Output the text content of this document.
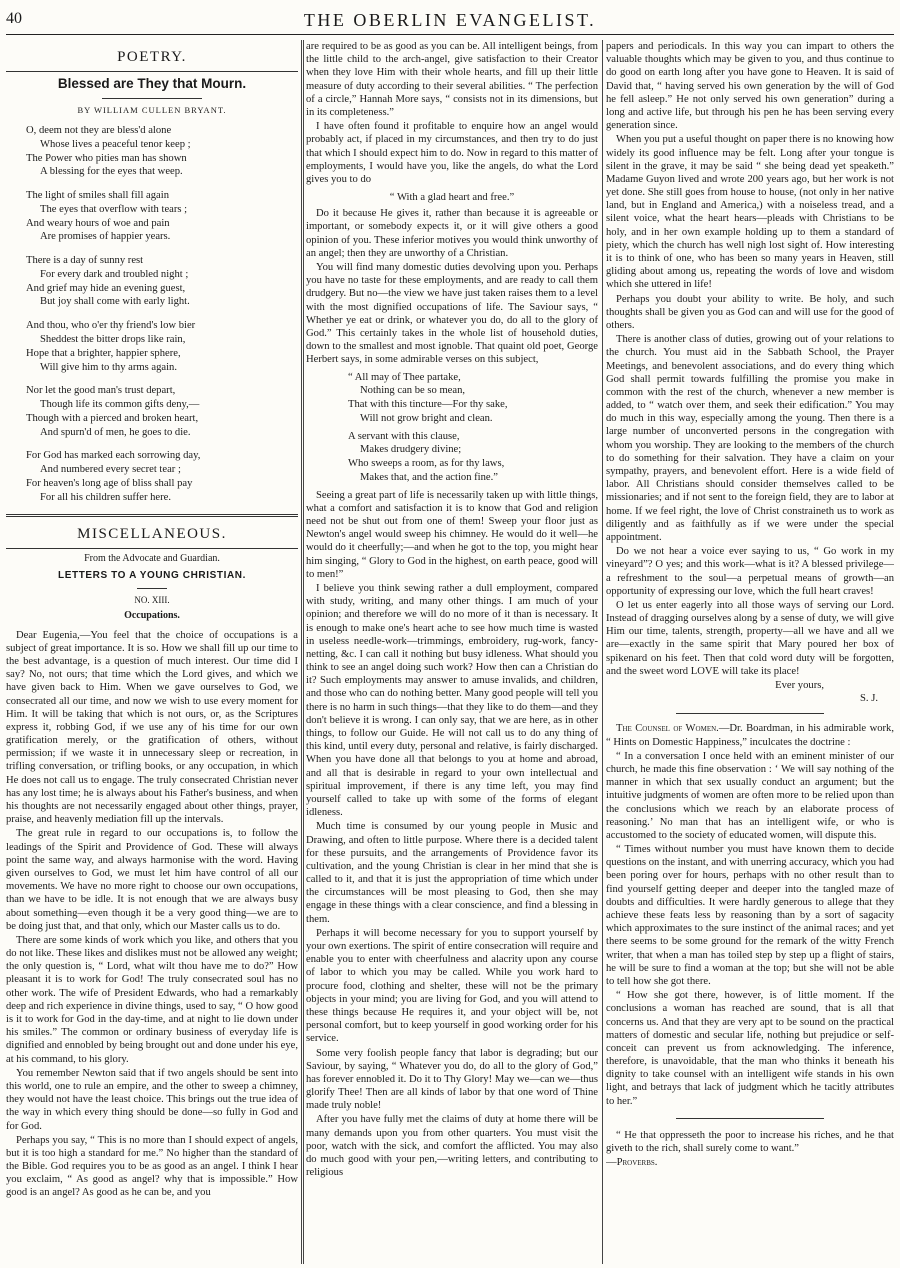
40	THE OBERLIN EVANGELIST.
POETRY.
Blessed are They that Mourn.
BY WILLIAM CULLEN BRYANT.
O, deem not they are bless'd alone
Whose lives a peaceful tenor keep ;
The Power who pities man has shown
A blessing for the eyes that weep.
The light of smiles shall fill again
The eyes that overflow with tears ;
And weary hours of woe and pain
Are promises of happier years.
There is a day of sunny rest
For every dark and troubled night ;
And grief may hide an evening guest,
But joy shall come with early light.
And thou, who o'er thy friend's low bier
Sheddest the bitter drops like rain,
Hope that a brighter, happier sphere,
Will give him to thy arms again.
Nor let the good man's trust depart,
Though life its common gifts deny,—
Though with a pierced and broken heart,
And spurn'd of men, he goes to die.
For God has marked each sorrowing day,
And numbered every secret tear ;
For heaven's long age of bliss shall pay
For all his children suffer here.
MISCELLANEOUS.
From the Advocate and Guardian.
LETTERS TO A YOUNG CHRISTIAN.
NO. XIII.
Occupations.

Dear Eugenia,—You feel that the choice of occupations is a subject of great importance. It is so. How we shall fill up our time to the best advantage, is a question of much interest. Our time did I say? No, not ours; that time which the Lord gives, and which we have given back to Him. When we gave ourselves to God, we consecrated all our time, and now we wish to use every moment for Him. It will be taking that which is not ours, or, as the Scriptures express it, robbing God, if we use any of his time for our own gratification merely, or the gratification of others, without permission; if we waste it in unnecessary sleep or recreation, in trifling conversation, or trifling books, or any occupation, in which He does not call us to engage. The truly consecrated Christian never has any lost time; he is always about his Father's business, and when his thoughts are not necessarily engaged about other things, prayer, praise, and heavenly mediation fill up the intervals.

The great rule in regard to our occupations is, to follow the leadings of the Spirit and Providence of God. These will always point the same way, and always harmonise with the word. Having given ourselves to God, we must let him have control of all our movements. We have no more right to choose our own occupations, than we have to be idle. It is not enough that we are always busy about something—even though it be a very good thing—we are to be doing just that, and that only, which our Master calls us to do.

There are some kinds of work which you like, and others that you do not like. These likes and dislikes must not be allowed any weight; the only question is, “ Lord, what wilt thou have me to do?” How pleasant it is to work for God! The truly consecrated soul has no other work. The wife of President Edwards, who had a remarkably deep and rich experience in divine things, used to say, “ O how good is it to work for God in the day-time, and at night to lie down under his smiles.” The common or ordinary business of everyday life is dignified and ennobled by being brought out and done under his eye, at his command, to his glory.

You remember Newton said that if two angels should be sent into this world, one to rule an empire, and the other to sweep a chimney, they would not have the least choice. This brings out the true idea of the way in which every thing should be done—so fully in God and for God.

Perhaps you say, “ This is no more than I should expect of angels, but it is too high a standard for me.” No higher than the standard of the Bible. God requires you to be as good as an angel. I think I hear you exclaim, “ As good as angel? why that is impossible.” How good is an angel? As good as he can be, and you

are required to be as good as you can be. All intelligent beings, from the little child to the arch-angel, give satisfaction to their Creator when they love Him with their whole hearts, and fill up their little measure of duty according to their several abilities. “ The perfection of a circle,” Hannah More says, “ consists not in its dimensions, but in its completeness.”

I have often found it profitable to enquire how an angel would probably act, if placed in my circumstances, and then try to do just that which I should expect him to do. Now in regard to this matter of employments, I would have you, like the angels, do what the Lord gives you to do

“ With a glad heart and free.”

Do it because He gives it, rather than because it is agreeable or important, or somebody expects it, or it will give others a good opinion of you. These inferior motives you would think unworthy of an angel; then they are unworthy of a Christian.

You will find many domestic duties devolving upon you. Perhaps you have no taste for these employments, and are ready to call them drudgery. But no—the view we have just taken raises them to a level with the most dignified occupations of life. The Saviour says, “ Whether ye eat or drink, or whatever you do, do all to the glory of God.” This certainly takes in the whole list of household duties, down to the smallest and most ignoble. That quaint old poet, George Herbert says, in some admirable verses on this subject,

“ All may of Thee partake,
Nothing can be so mean,
That with this tincture—For thy sake,
Will not grow bright and clean.
A servant with this clause,
Makes drudgery divine;
Who sweeps a room, as for thy laws,
Makes that, and the action fine.”

Seeing a great part of life is necessarily taken up with little things, what a comfort and satisfaction it is to know that God and religion need not be shut out from one of them! Sweep your floor just as Newton's angel would sweep his chimney. He would do it well—he would do it cheerfully;—and when he got to the top, you might hear him singing, “ Glory to God in the highest, on earth peace, good will to men!”

I believe you think sewing rather a dull employment, compared with study, writing, and many other things. I am much of your opinion; and therefore we will do no more of it than is necessary. It is enough to make one's heart ache to see how much time is wasted in useless needle-work—trimmings, embroidery, rug-work, fancy-netting, &c. I can call it nothing but busy idleness. What should you think to see an angel doing such work? How then can a Christian do it? Such employments may answer to amuse invalids, and children, and those who can do nothing better. Many good people will tell you there is no harm in such things—that they like to do them—and they don't believe it is wrong. I can only say, that we are here, as in other things, to follow our Guide. He will not call us to do any thing of this kind, until every duty, personal and relative, is fairly discharged. When you have done all that belongs to you at home and abroad, and all that is desirable in regard to your own intellectual and spiritual improvement, if there is any time left, you may find yourself called to take up with some of the forms of elegant idleness.

Much time is consumed by our young people in Music and Drawing, and often to little purpose. Where there is a decided talent for these pursuits, and the arrangements of Providence favor its cultivation, and the young Christian is clear in her mind that she is called to it, and that it is just the appropriation of time which under the circumstances will be most pleasing to God, then she may engage in these things with a clear conscience, and find a blessing in them.

Perhaps it will become necessary for you to support yourself by your own exertions. The spirit of entire consecration will require and enable you to enter with cheerfulness and alacrity upon any course of labor to which you may be called. While you work hard to procure food, clothing and shelter, these will not be the primary objects in your mind; you are living for God, and you will attend to these things because He requires it, and your object will be, not personal comfort, but to keep yourself in good working order for his service.

Some very foolish people fancy that labor is degrading; but our Saviour, by saying, “ Whatever you do, do all to the glory of God,” has forever ennobled it. Do it to Thy Glory! May we—can we—thus glorify Thee! Then are all kinds of labor by that one word of Thine made truly noble!

After you have fully met the claims of duty at home there will be many demands upon you from other quarters. You must visit the poor, watch with the sick, and comfort the afflicted. You may also do much good with your pen,—writing letters, and contributing to religious

papers and periodicals. In this way you can impart to others the valuable thoughts which may be given to you, and thus continue to do good on earth long after you have gone to Heaven. It is said of David that, “ having served his own generation by the will of God he fell asleep.” He not only served his own generation” during a long and active life, but through his pen he has been serving every generation since.

When you put a useful thought on paper there is no knowing how widely its good influence may be felt. Long after your tongue is silent in the grave, it may be said “ she being dead yet speaketh.” Madame Guyon lived and wrote 200 years ago, but her work is not yet done. She still goes from house to house, (not only in her native land, but in England and America,) with a noiseless tread, and a silent voice, what the heart hears—pleads with Christians to be holy, and in her own example holding up to them a standard of piety, which the church has well nigh lost sight of. How interesting it is to think of one, who has been so many years in Heaven, still gliding about among us, repeating the words of love and wisdom which she uttered in life!

Perhaps you doubt your ability to write. Be holy, and such thoughts shall be given you as God can and will use for the good of others.

There is another class of duties, growing out of your relations to the church. You must aid in the Sabbath School, the Prayer Meetings, and benevolent associations, and do every thing which God shall permit towards fulfilling the promise you make in common with the rest of the church, whenever a new member is added, to “ watch over them, and seek their edification.” You may do much in this way, especially among the young. Then there is a large number of unconverted persons in the congregation with whom you worship. They are looking to the members of the church to do something for their salvation. They have a claim on your sympathy, prayers, and benevolent effort. Here is a wide field of labor. All Christians should consider themselves called to be missionaries; and if not sent to the foreign field, they are to labor at home. If we feel right, the love of Christ constraineth us to work as diligently and as faithfully as if we were under the special appointment.

Do we not hear a voice ever saying to us, “ Go work in my vineyard”? O yes; and this work—what is it? A blessed privilege—a refreshment to the soul—a perpetual means of growth—an opportunity of expressing our love, which the full heart craves!

O let us enter eagerly into all those ways of serving our Lord. Instead of dragging ourselves along by a sense of duty, we will give Him our time, talents, strength, property—all we have and all we are—exactly in the same spirit that Mary poured her box of spikenard on his feet. Then that cold word duty will be forgotten, and the sweet word LOVE will take its place!

Ever yours,
S. J.

The Counsel of Women.—Dr. Boardman, in his admirable work, “ Hints on Domestic Happiness,” inculcates the doctrine :

“ In a conversation I once held with an eminent minister of our church, he made this fine observation : ‘ We will say nothing of the manner in which that sex usually conduct an argument; but the intuitive judgments of women are often more to be relied upon than the conclusions which we reach by an elaborate process of reasoning.’ No man that has an intelligent wife, or who is accustomed to the society of educated women, will dispute this.

“ Times without number you must have known them to decide questions on the instant, and with unerring accuracy, which you had been poring over for hours, perhaps with no other result than to find yourself getting deeper and deeper into the tangled maze of doubts and difficulties. It were hardly generous to allege that they achieve these feats less by reasoning than by a sort of sagacity which approximates to the sure instinct of the animal races; and yet there seems to be some ground for the remark of the witty French writer, that when a man has toiled step by step up a flight of stairs, he will be sure to find a woman at the top; but she will not be able to tell how she got there.

“ How she got there, however, is of little moment. If the conclusions a woman has reached are sound, that is all that concerns us. And that they are very apt to be sound on the practical matters of domestic and secular life, nothing but prejudice or self-conceit can prevent us from acknowledging. The inference, therefore, is unavoidable, that the man who thinks it beneath his dignity to take counsel with an intelligent wife stands in his own light, and betrays that lack of judgment which he tacitly attributes to her.”

“ He that oppresseth the poor to increase his riches, and he that giveth to the rich, shall surely come to want.”

—Proverbs.
